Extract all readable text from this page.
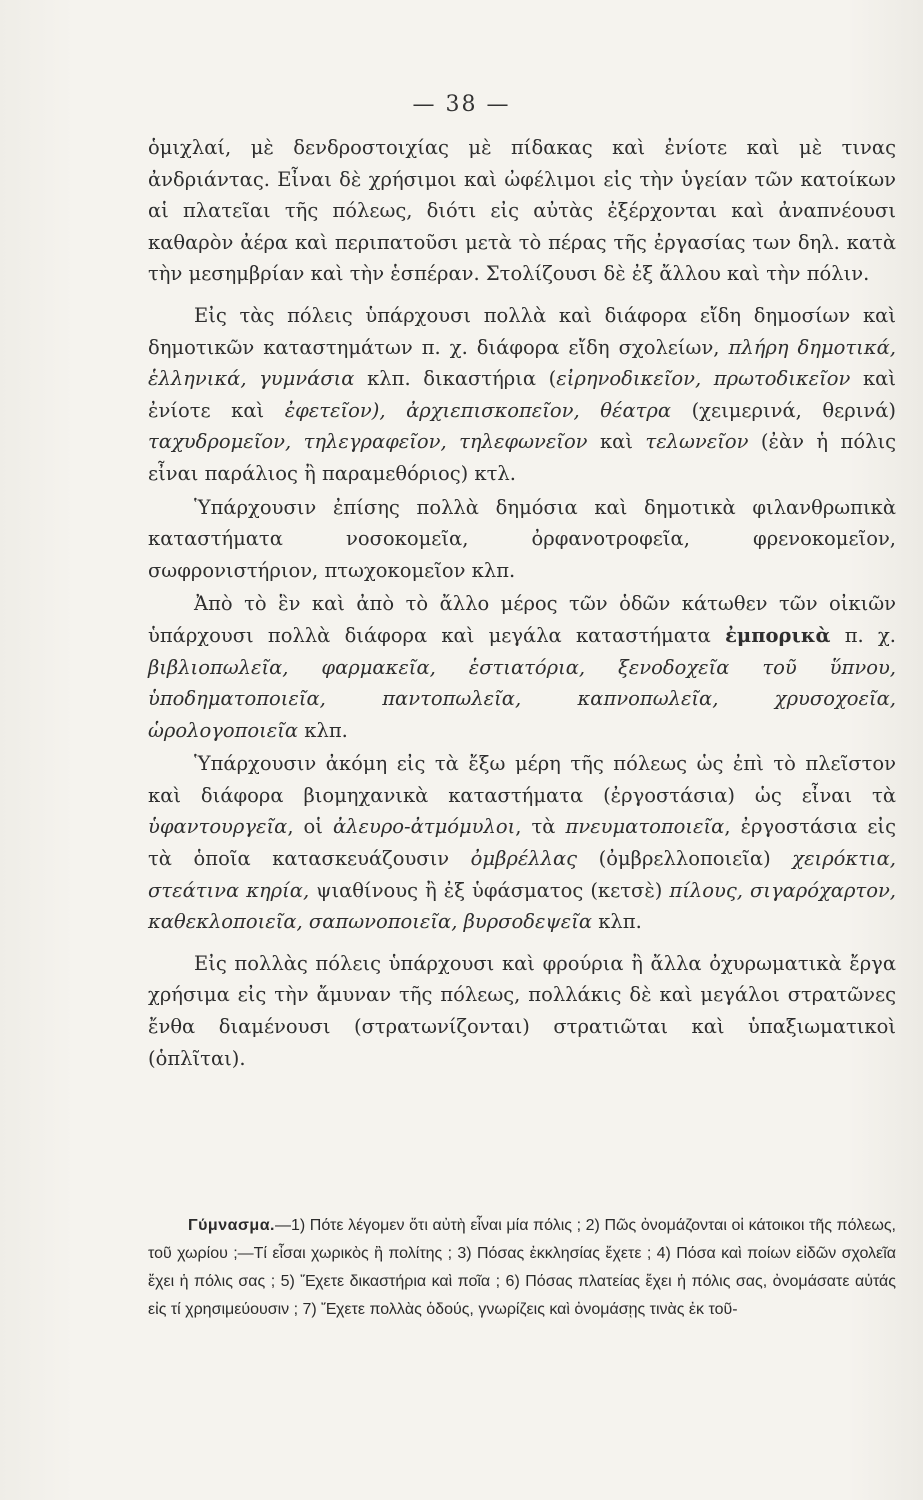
— 38 —

ὁμιχλαί, μὲ δενδροστοιχίας μὲ πίδακας καὶ ἐνίοτε καὶ μὲ τινας ἀνδριάντας. Εἶναι δὲ χρήσιμοι καὶ ὠφέλιμοι εἰς τὴν ὑγείαν τῶν κατοίκων αἱ πλατεῖαι τῆς πόλεως, διότι εἰς αὐτὰς ἐξέρχονται καὶ ἀναπνέουσι καθαρὸν ἀέρα καὶ περιπατοῦσι μετὰ τὸ πέρας τῆς ἐργασίας των δηλ. κατὰ τὴν μεσημβρίαν καὶ τὴν ἑσπέραν. Στολίζουσι δὲ ἐξ ἄλλου καὶ τὴν πόλιν.

Εἰς τὰς πόλεις ὑπάρχουσι πολλὰ καὶ διάφορα εἴδη δημοσίων καὶ δημοτικῶν καταστημάτων π. χ. διάφορα εἴδη σχολείων, πλήρη δημοτικά, ἑλληνικά, γυμνάσια κλπ. δικαστήρια (εἰρηνοδικεῖον, πρωτοδικεῖον καὶ ἐνίοτε καὶ ἐφετεῖον), ἀρχιεπισκοπεῖον, θέατρα (χειμερινά, θερινά) ταχυδρομεῖον, τηλεγραφεῖον, τηλεφωνεῖον καὶ τελωνεῖον (ἐὰν ἡ πόλις εἶναι παράλιος ἢ παραμεθόριος) κτλ.

Ὑπάρχουσιν ἐπίσης πολλὰ δημόσια καὶ δημοτικὰ φιλανθρωπικὰ καταστήματα νοσοκομεῖα, ὀρφανοτροφεῖα, φρενοκομεῖον, σωφρονιστήριον, πτωχοκομεῖον κλπ.

Ἀπὸ τὸ ἓν καὶ ἀπὸ τὸ ἄλλο μέρος τῶν ὁδῶν κάτωθεν τῶν οἰκιῶν ὑπάρχουσι πολλὰ διάφορα καὶ μεγάλα καταστήματα ἐμπορικὰ π. χ. βιβλιοπωλεῖα, φαρμακεῖα, ἑστιατόρια, ξενοδοχεῖα τοῦ ὕπνου, ὑποδηματοποιεῖα, παντοπωλεῖα, καπνοπωλεῖα, χρυσοχοεῖα, ὡρολογοποιεῖα κλπ.

Ὑπάρχουσιν ἀκόμη εἰς τὰ ἔξω μέρη τῆς πόλεως ὡς ἐπὶ τὸ πλεῖστον καὶ διάφορα βιομηχανικὰ καταστήματα (ἐργοστάσια) ὡς εἶναι τὰ ὑφαντουργεῖα, οἱ ἀλευρο-ἀτμόμυλοι, τὰ πνευματοποιεῖα, ἐργοστάσια εἰς τὰ ὁποῖα κατασκευάζουσιν ὀμβρέλλας (ὀμβρελλοποιεῖα) χειρόκτια, στεάτινα κηρία, ψιαθίνους ἢ ἐξ ὑφάσματος (κετσὲ) πίλους, σιγαρόχαρτον, καθεκλοποιεῖα, σαπωνοποιεῖα, βυρσοδεψεῖα κλπ.

Εἰς πολλὰς πόλεις ὑπάρχουσι καὶ φρούρια ἢ ἄλλα ὀχυρωματικὰ ἔργα χρήσιμα εἰς τὴν ἄμυναν τῆς πόλεως, πολλάκις δὲ καὶ μεγάλοι στρατῶνες ἔνθα διαμένουσι (στρατωνίζονται) στρατιῶται καὶ ὑπαξιωματικοὶ (ὁπλῖται).

Γύμνασμα.—1) Πότε λέγομεν ὅτι αὐτὴ εἶναι μία πόλις ; 2) Πῶς ὀνομάζονται οἱ κάτοικοι τῆς πόλεως, τοῦ χωρίου ;—Τί εἶσαι χωρικὸς ἢ πολίτης ; 3) Πόσας ἐκκλησίας ἔχετε ; 4) Πόσα καὶ ποίων εἰδῶν σχολεῖα ἔχει ἡ πόλις σας ; 5) Ἔχετε δικαστήρια καὶ ποῖα ; 6) Πόσας πλατείας ἔχει ἡ πόλις σας, ὀνομάσατε αὐτάς εἰς τί χρησιμεύουσιν ; 7) Ἔχετε πολλὰς ὁδούς, γνωρίζεις καὶ ὀνομάσῃς τινὰς ἐκ τοῦ-
